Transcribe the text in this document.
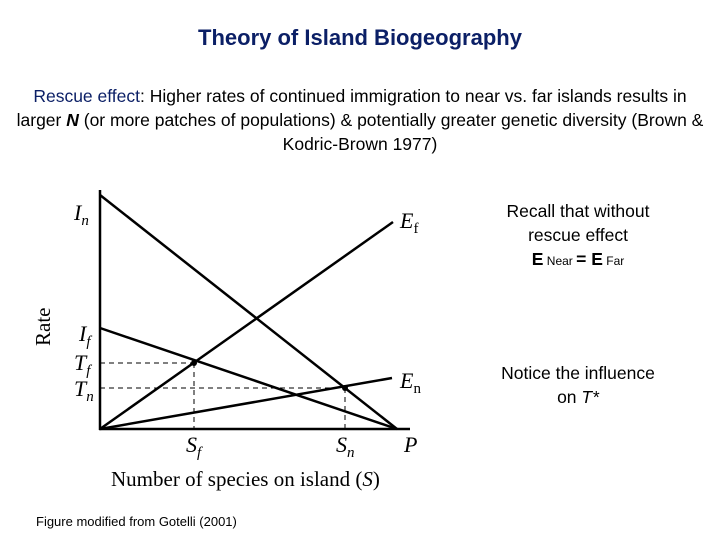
Theory of Island Biogeography
Rescue effect: Higher rates of continued immigration to near vs. far islands results in larger N (or more patches of populations) & potentially greater genetic diversity (Brown & Kodric-Brown 1977)
Recall that without
rescue effect
E Near = E Far
Notice the influence
on T*
Figure modified from Gotelli (2001)
Rate
$I_n$	$E_f$
$I_f$
$T_f$
$T_n$
$E_n$
$S_f$	$S_n$ P
Number of species on island (S)
